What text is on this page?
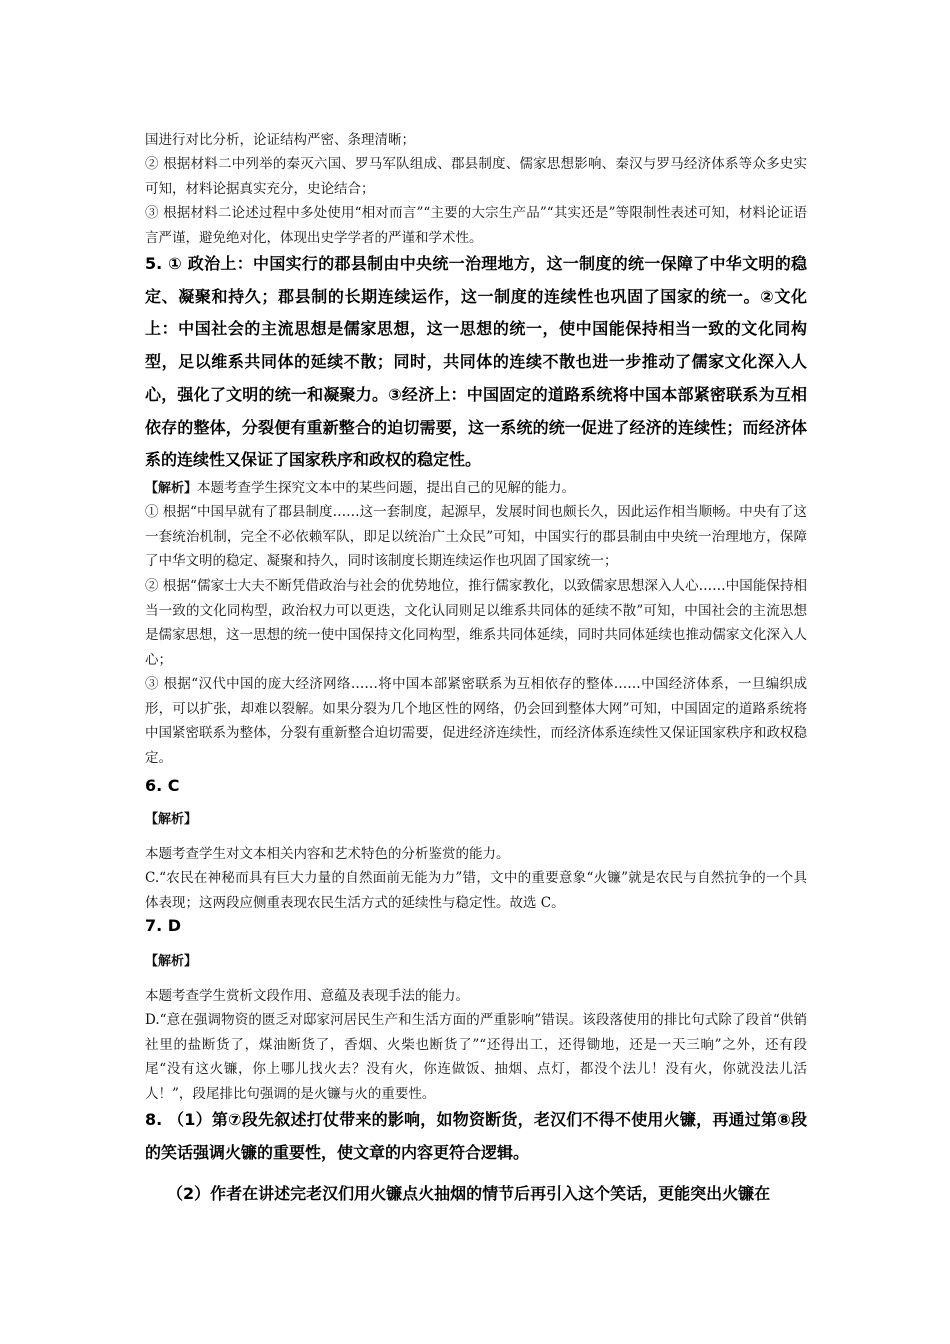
国进行对比分析，论证结构严密、条理清晰；

② 根据材料二中列举的秦灭六国、罗马军队组成、郡县制度、儒家思想影响、秦汉与罗马经济体系等众多史实可知，材料论据真实充分，史论结合；

③ 根据材料二论述过程中多处使用“相对而言”“主要的大宗生产品”“其实还是”等限制性表述可知，材料论证语言严谨，避免绝对化，体现出史学学者的严谨和学术性。

5. ① 政治上：中国实行的郡县制由中央统一治理地方，这一制度的统一保障了中华文明的稳定、凝聚和持久；郡县制的长期连续运作，这一制度的连续性也巩固了国家的统一。②文化上：中国社会的主流思想是儒家思想，这一思想的统一，使中国能保持相当一致的文化同构型，足以维系共同体的延续不散；同时，共同体的连续不散也进一步推动了儒家文化深入人心，强化了文明的统一和凝聚力。③经济上：中国固定的道路系统将中国本部紧密联系为互相依存的整体，分裂便有重新整合的迫切需要，这一系统的统一促进了经济的连续性；而经济体系的连续性又保证了国家秩序和政权的稳定性。

【解析】本题考查学生探究文本中的某些问题，提出自己的见解的能力。

① 根据“中国早就有了郡县制度……这一套制度，起源早，发展时间也颇长久，因此运作相当顺畅。中央有了这一套统治机制，完全不必依赖军队，即足以统治广土众民”可知，中国实行的郡县制由中央统一治理地方，保障了中华文明的稳定、凝聚和持久，同时该制度长期连续运作也巩固了国家统一；

② 根据“儒家士大夫不断凭借政治与社会的优势地位，推行儒家教化，以致儒家思想深入人心……中国能保持相当一致的文化同构型，政治权力可以更迭，文化认同则足以维系共同体的延续不散”可知，中国社会的主流思想是儒家思想，这一思想的统一使中国保持文化同构型，维系共同体延续，同时共同体延续也推动儒家文化深入人心；

③ 根据“汉代中国的庞大经济网络……将中国本部紧密联系为互相依存的整体……中国经济体系，一旦编织成形，可以扩张，却难以裂解。如果分裂为几个地区性的网络，仍会回到整体大网”可知，中国固定的道路系统将中国紧密联系为整体，分裂有重新整合迫切需要，促进经济连续性，而经济体系连续性又保证国家秩序和政权稳定。

6. C

【解析】

本题考查学生对文本相关内容和艺术特色的分析鉴赏的能力。

C.“农民在神秘而具有巨大力量的自然面前无能为力”错，文中的重要意象“火镰”就是农民与自然抗争的一个具体表现；这两段应侧重表现农民生活方式的延续性与稳定性。故选 C。

7. D

【解析】

本题考查学生赏析文段作用、意蕴及表现手法的能力。

D.“意在强调物资的匮乏对邸家河居民生产和生活方面的严重影响”错误。该段落使用的排比句式除了段首“供销社里的盐断货了，煤油断货了，香烟、火柴也断货了”“还得出工，还得锄地，还是一天三晌”之外，还有段尾“没有这火镰，你上哪儿找火去？没有火，你连做饭、抽烟、点灯，都没个法儿！没有火，你就没法儿活人！”，段尾排比句强调的是火镰与火的重要性。

8. （1）第⑦段先叙述打仗带来的影响，如物资断货，老汉们不得不使用火镰，再通过第⑧段的笑话强调火镰的重要性，使文章的内容更符合逻辑。

（2）作者在讲述完老汉们用火镰点火抽烟的情节后再引入这个笑话，更能突出火镰在
